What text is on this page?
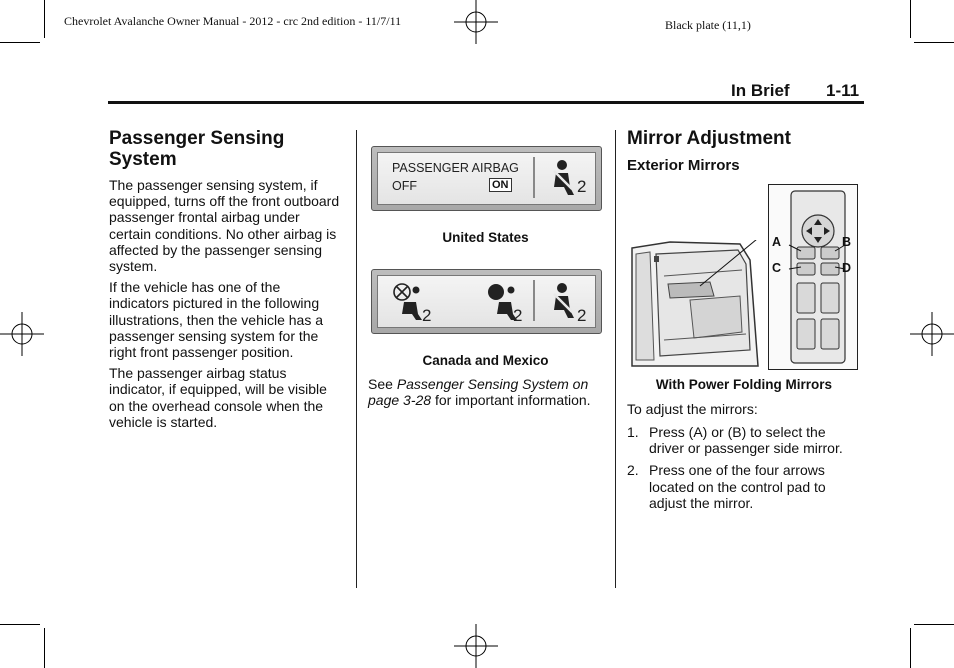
Chevrolet Avalanche Owner Manual - 2012 - crc 2nd edition - 11/7/11	Black plate (11,1)
In Brief 1-11
Passenger Sensing System

The passenger sensing system, if equipped, turns off the front outboard passenger frontal airbag under certain conditions. No other airbag is affected by the passenger sensing system.

If the vehicle has one of the indicators pictured in the following illustrations, then the vehicle has a passenger sensing system for the right front passenger position.

The passenger airbag status indicator, if equipped, will be visible on the overhead console when the vehicle is started.

PASSENGER AIRBAG
OFF	ON	2
United States
2	2	2
Canada and Mexico

See Passenger Sensing System on page 3-28 for important information.

Mirror Adjustment
Exterior Mirrors
A	B
C	D
With Power Folding Mirrors

To adjust the mirrors:

1. Press (A) or (B) to select the driver or passenger side mirror.

2. Press one of the four arrows located on the control pad to adjust the mirror.
